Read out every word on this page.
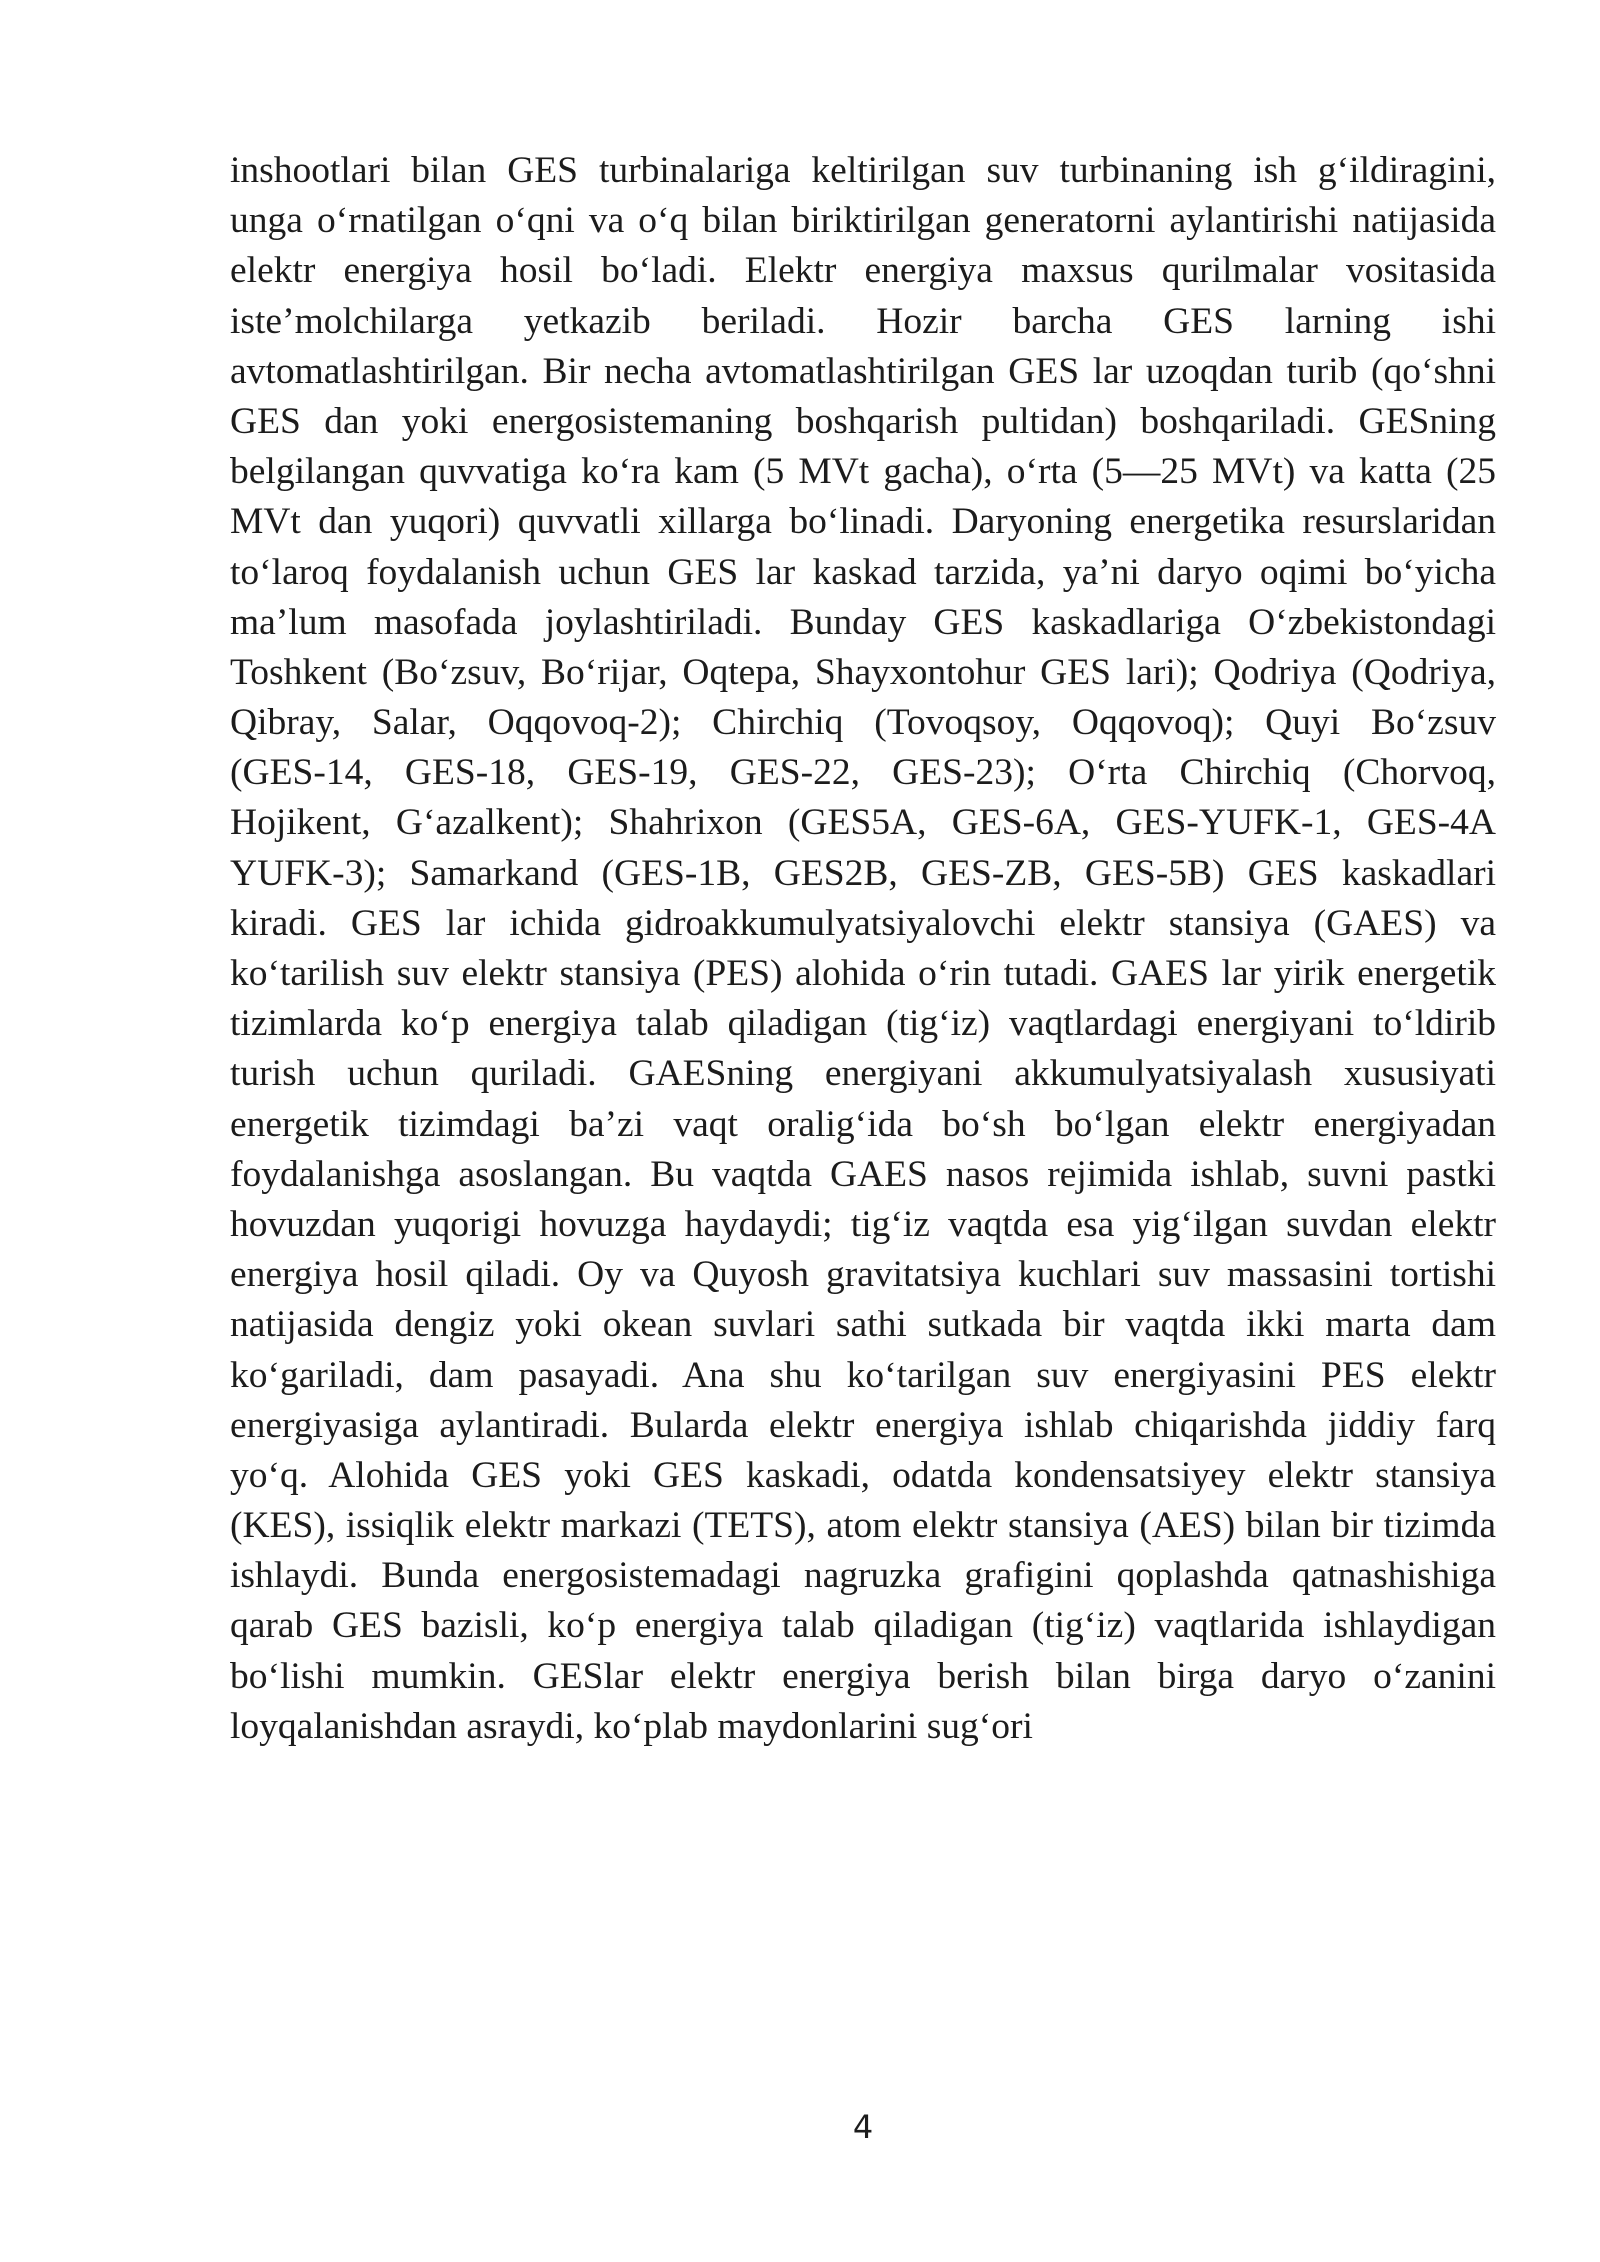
inshootlari bilan GES turbinalariga keltirilgan suv turbinaning ish g‘ildiragini,
unga o‘rnatilgan o‘qni va o‘q bilan biriktirilgan generatorni aylantirishi natijasida
elektr energiya hosil bo‘ladi. Elektr energiya maxsus qurilmalar vositasida
iste’molchilarga yetkazib beriladi. Hozir barcha GES larning ishi
avtomatlashtirilgan. Bir necha avtomatlashtirilgan GES lar uzoqdan turib (qo‘shni
GES dan yoki energosistemaning boshqarish pultidan) boshqariladi. GESning
belgilangan quvvatiga ko‘ra kam (5 MVt gacha), o‘rta (5—25 MVt) va katta (25
MVt dan yuqori) quvvatli xillarga bo‘linadi. Daryoning energetika resurslaridan
to‘laroq foydalanish uchun GES lar kaskad tarzida, ya’ni daryo oqimi bo‘yicha
ma’lum masofada joylashtiriladi. Bunday GES kaskadlariga O‘zbekistondagi
Toshkent (Bo‘zsuv, Bo‘rijar, Oqtepa, Shayxontohur GES lari); Qodriya (Qodriya,
Qibray, Salar, Oqqovoq-2); Chirchiq (Tovoqsoy, Oqqovoq); Quyi Bo‘zsuv
(GES-14, GES-18, GES-19, GES-22, GES-23); O‘rta Chirchiq (Chorvoq,
Hojikent, G‘azalkent); Shahrixon (GES5A, GES-6A, GES-YUFK-1, GES-4A
YUFK-3); Samarkand (GES-1B, GES2B, GES-ZB, GES-5B) GES kaskadlari
kiradi. GES lar ichida gidroakkumulyatsiyalovchi elektr stansiya (GAES) va
ko‘tarilish suv elektr stansiya (PES) alohida o‘rin tutadi. GAES lar yirik energetik
tizimlarda ko‘p energiya talab qiladigan (tig‘iz) vaqtlardagi energiyani to‘ldirib
turish uchun quriladi. GAESning energiyani akkumulyatsiyalash xususiyati
energetik tizimdagi ba’zi vaqt oralig‘ida bo‘sh bo‘lgan elektr energiyadan
foydalanishga asoslangan. Bu vaqtda GAES nasos rejimida ishlab, suvni pastki
hovuzdan yuqorigi hovuzga haydaydi; tig‘iz vaqtda esa yig‘ilgan suvdan elektr
energiya hosil qiladi. Oy va Quyosh gravitatsiya kuchlari suv massasini tortishi
natijasida dengiz yoki okean suvlari sathi sutkada bir vaqtda ikki marta dam
ko‘gariladi, dam pasayadi. Ana shu ko‘tarilgan suv energiyasini PES elektr
energiyasiga aylantiradi. Bularda elektr energiya ishlab chiqarishda jiddiy farq
yo‘q. Alohida GES yoki GES kaskadi, odatda kondensatsiyey elektr stansiya
(KES), issiqlik elektr markazi (TETS), atom elektr stansiya (AES) bilan bir tizimda
ishlaydi. Bunda energosistemadagi nagruzka grafigini qoplashda qatnashishiga
qarab GES bazisli, ko‘p energiya talab qiladigan (tig‘iz) vaqtlarida ishlaydigan
bo‘lishi mumkin. GESlar elektr energiya berish bilan birga daryo o‘zanini
loyqalanishdan asraydi, ko‘plab maydonlarini sug‘ori
4
